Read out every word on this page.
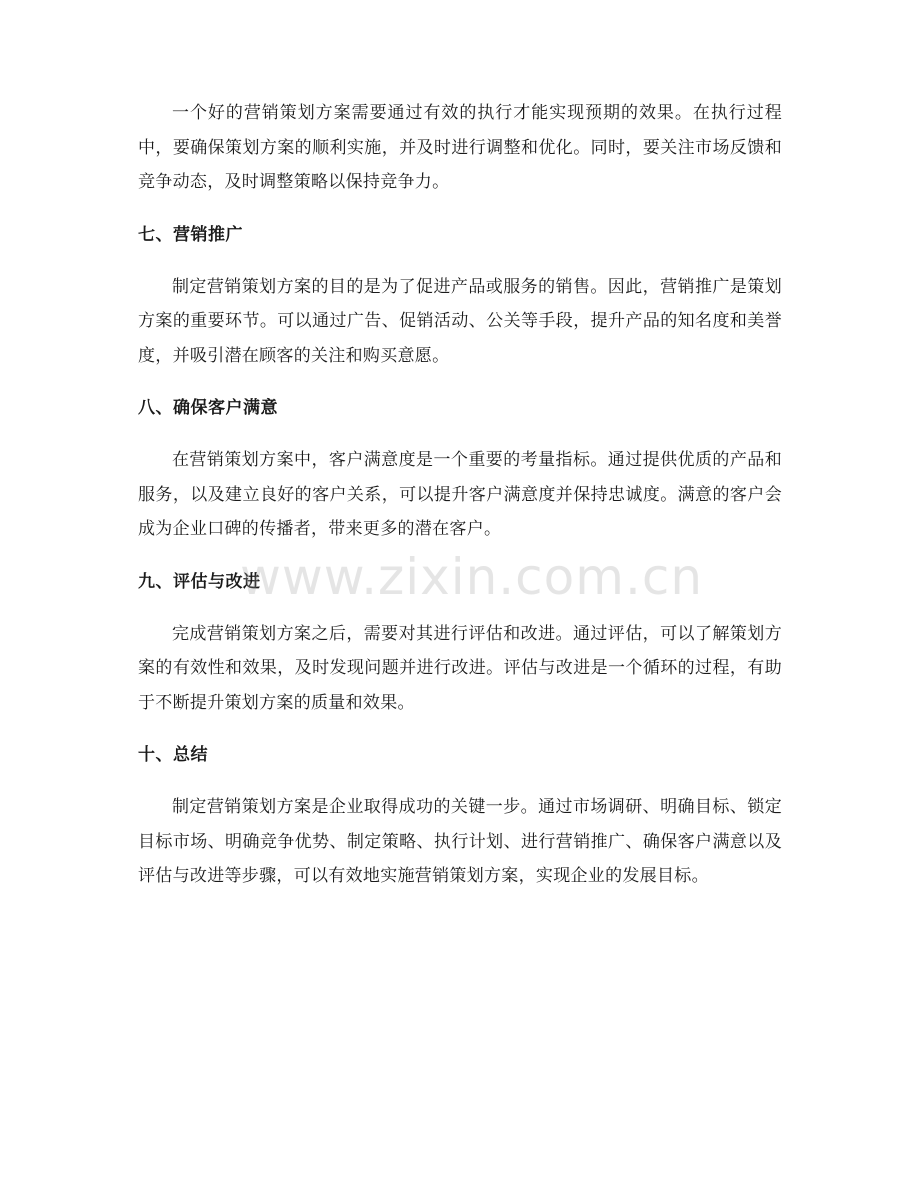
一个好的营销策划方案需要通过有效的执行才能实现预期的效果。在执行过程中，要确保策划方案的顺利实施，并及时进行调整和优化。同时，要关注市场反馈和竞争动态，及时调整策略以保持竞争力。

七、营销推广

制定营销策划方案的目的是为了促进产品或服务的销售。因此，营销推广是策划方案的重要环节。可以通过广告、促销活动、公关等手段，提升产品的知名度和美誉度，并吸引潜在顾客的关注和购买意愿。

八、确保客户满意

在营销策划方案中，客户满意度是一个重要的考量指标。通过提供优质的产品和服务，以及建立良好的客户关系，可以提升客户满意度并保持忠诚度。满意的客户会成为企业口碑的传播者，带来更多的潜在客户。

九、评估与改进

完成营销策划方案之后，需要对其进行评估和改进。通过评估，可以了解策划方案的有效性和效果，及时发现问题并进行改进。评估与改进是一个循环的过程，有助于不断提升策划方案的质量和效果。

十、总结

制定营销策划方案是企业取得成功的关键一步。通过市场调研、明确目标、锁定目标市场、明确竞争优势、制定策略、执行计划、进行营销推广、确保客户满意以及评估与改进等步骤，可以有效地实施营销策划方案，实现企业的发展目标。

www.zixin.com.cn
